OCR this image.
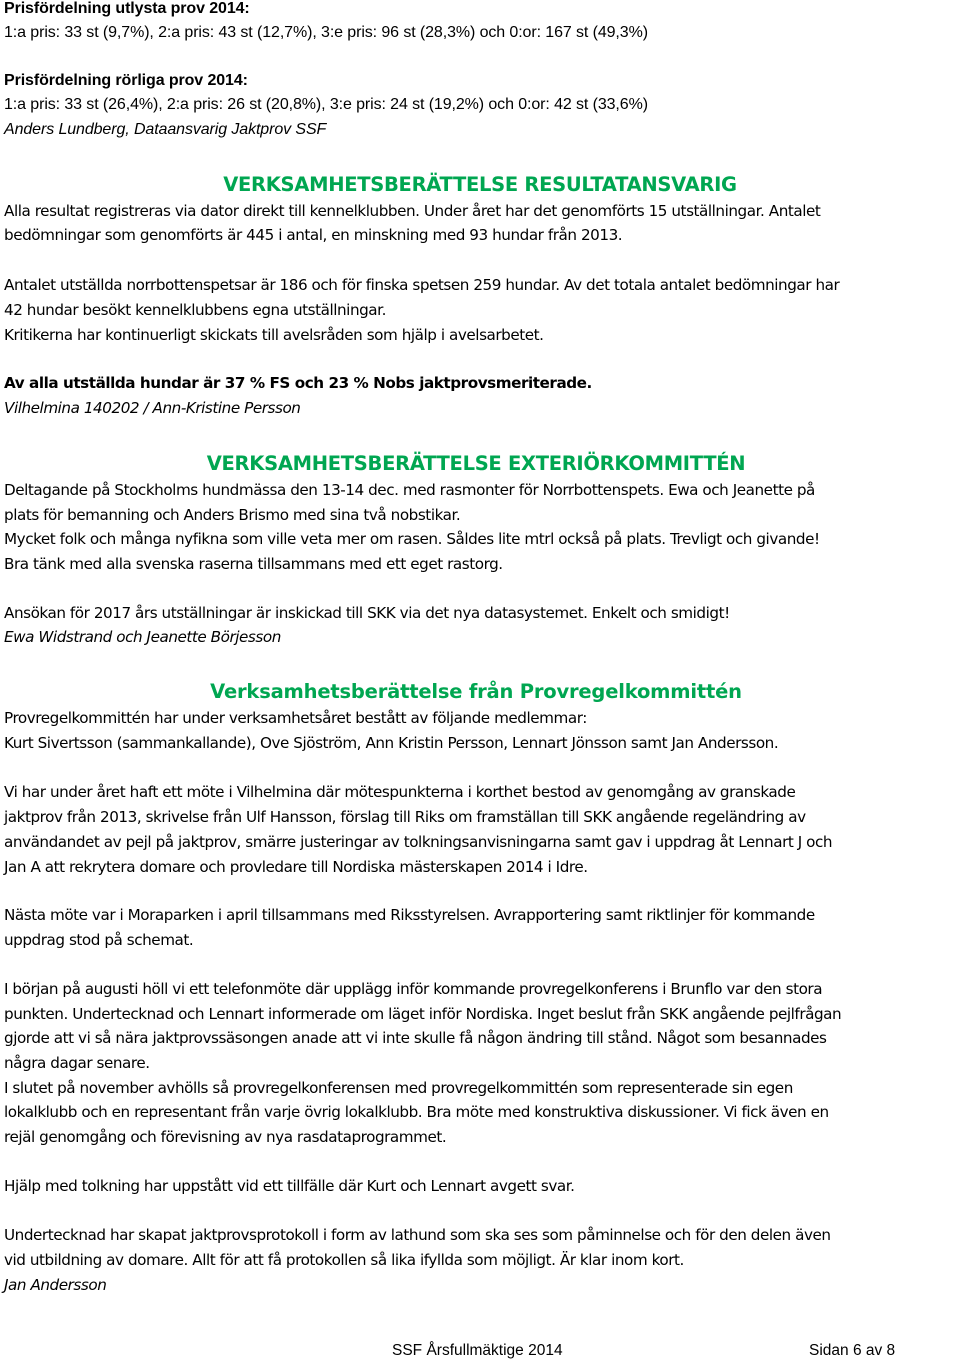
Prisfördelning utlysta prov 2014:
1:a pris: 33 st (9,7%), 2:a pris: 43 st (12,7%), 3:e pris: 96 st (28,3%) och 0:or: 167 st (49,3%)
Prisfördelning rörliga prov 2014:
1:a pris: 33 st (26,4%), 2:a pris: 26 st (20,8%), 3:e pris: 24 st (19,2%) och 0:or: 42 st (33,6%)
Anders Lundberg, Dataansvarig Jaktprov SSF
VERKSAMHETSBERÄTTELSE RESULTATANSVARIG
Alla resultat registreras via dator direkt till kennelklubben. Under året har det genomförts 15 utställningar. Antalet
bedömningar som genomförts är 445 i antal, en minskning med 93 hundar från 2013.
Antalet utställda norrbottenspetsar är 186 och för finska spetsen 259 hundar. Av det totala antalet bedömningar har
42 hundar besökt kennelklubbens egna utställningar.
Kritikerna har kontinuerligt skickats till avelsråden som hjälp i avelsarbetet.
Av alla utställda hundar är 37 % FS och 23 % Nobs jaktprovsmeriterade.
Vilhelmina 140202 / Ann-Kristine Persson
VERKSAMHETSBERÄTTELSE EXTERIÖRKOMMITTÉN
Deltagande på Stockholms hundmässa den 13-14 dec. med rasmonter för Norrbottenspets. Ewa och Jeanette på
plats för bemanning och Anders Brismo med sina två nobstikar.
Mycket folk och många nyfikna som ville veta mer om rasen. Såldes lite mtrl också på plats. Trevligt och givande!
Bra tänk med alla svenska raserna tillsammans med ett eget rastorg.
Ansökan för 2017 års utställningar är inskickad till SKK via det nya datasystemet. Enkelt och smidigt!
Ewa Widstrand och Jeanette Börjesson
Verksamhetsberättelse från Provregelkommittén
Provregelkommittén har under verksamhetsåret bestått av följande medlemmar:
Kurt Sivertsson (sammankallande), Ove Sjöström, Ann Kristin Persson, Lennart Jönsson samt Jan Andersson.
Vi har under året haft ett möte i Vilhelmina där mötespunkterna i korthet bestod av genomgång av granskade
jaktprov från 2013, skrivelse från Ulf Hansson, förslag till Riks om framställan till SKK angående regeländring av
användandet av pejl på jaktprov, smärre justeringar av tolkningsanvisningarna samt gav i uppdrag åt Lennart J och
Jan A att rekrytera domare och provledare till Nordiska mästerskapen 2014 i Idre.
Nästa möte var i Moraparken i april tillsammans med Riksstyrelsen. Avrapportering samt riktlinjer för kommande
uppdrag stod på schemat.
I början på augusti höll vi ett telefonmöte där upplägg inför kommande provregelkonferens i Brunflo var den stora
punkten. Undertecknad och Lennart informerade om läget inför Nordiska. Inget beslut från SKK angående pejlfrågan
gjorde att vi så nära jaktprovssäsongen anade att vi inte skulle få någon ändring till stånd. Något som besannades
några dagar senare.
I slutet på november avhölls så provregelkonferensen med provregelkommittén som representerade sin egen
lokalklubb och en representant från varje övrig lokalklubb. Bra möte med konstruktiva diskussioner. Vi fick även en
rejäl genomgång och förevisning av nya rasdataprogrammet.
Hjälp med tolkning har uppstått vid ett tillfälle där Kurt och Lennart avgett svar.
Undertecknad har skapat jaktprovsprotokoll i form av lathund som ska ses som påminnelse och för den delen även
vid utbildning av domare. Allt för att få protokollen så lika ifyllda som möjligt. Är klar inom kort.
Jan Andersson
SSF Årsfullmäktige 2014	Sidan 6 av 8
